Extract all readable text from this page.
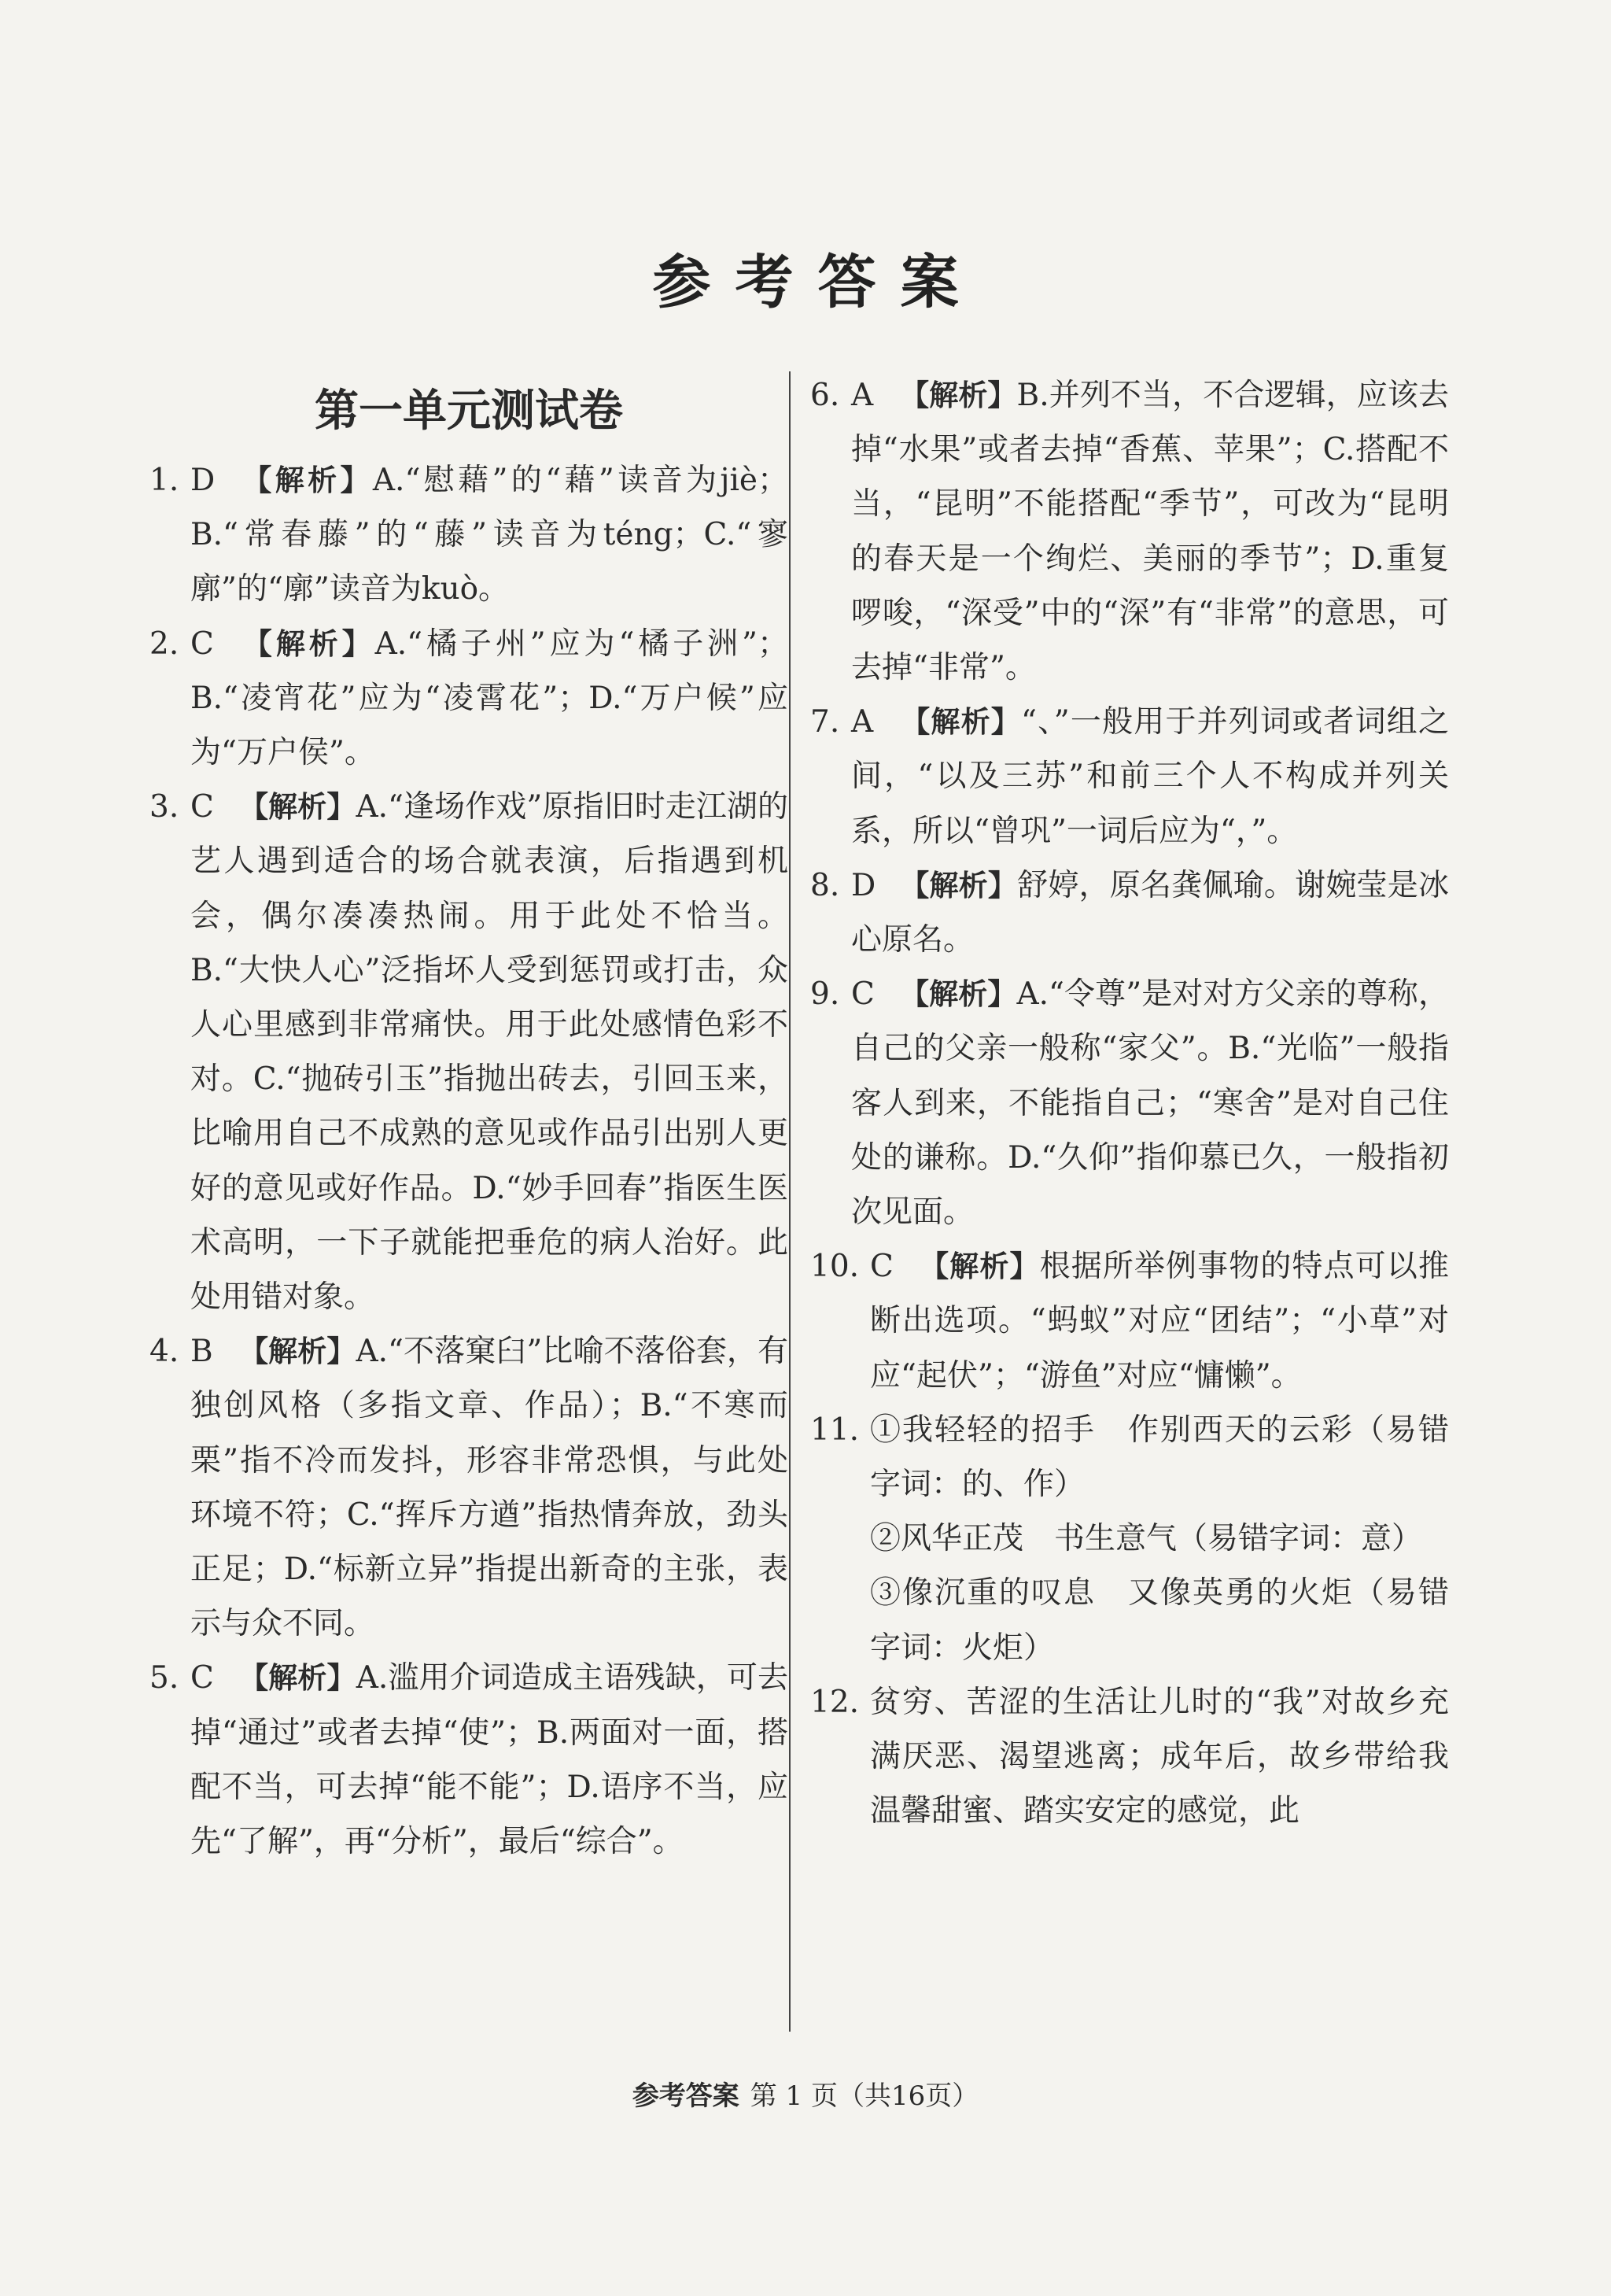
参考答案
第一单元测试卷
1. D 【解析】A.“慰藉”的“藉”读音为jiè；B.“常春藤”的“藤”读音为téng；C.“寥廓”的“廓”读音为kuò。
2. C 【解析】A.“橘子州”应为“橘子洲”；B.“凌宵花”应为“凌霄花”；D.“万户候”应为“万户侯”。
3. C 【解析】A.“逢场作戏”原指旧时走江湖的艺人遇到适合的场合就表演，后指遇到机会，偶尔凑凑热闹。用于此处不恰当。B.“大快人心”泛指坏人受到惩罚或打击，众人心里感到非常痛快。用于此处感情色彩不对。C.“抛砖引玉”指抛出砖去，引回玉来，比喻用自己不成熟的意见或作品引出别人更好的意见或好作品。D.“妙手回春”指医生医术高明，一下子就能把垂危的病人治好。此处用错对象。
4. B 【解析】A.“不落窠臼”比喻不落俗套，有独创风格（多指文章、作品）；B.“不寒而栗”指不冷而发抖，形容非常恐惧，与此处环境不符；C.“挥斥方遒”指热情奔放，劲头正足；D.“标新立异”指提出新奇的主张，表示与众不同。
5. C 【解析】A.滥用介词造成主语残缺，可去掉“通过”或者去掉“使”；B.两面对一面，搭配不当，可去掉“能不能”；D.语序不当，应先“了解”，再“分析”，最后“综合”。
6. A 【解析】B.并列不当，不合逻辑，应该去掉“水果”或者去掉“香蕉、苹果”；C.搭配不当，“昆明”不能搭配“季节”，可改为“昆明的春天是一个绚烂、美丽的季节”；D.重复啰唆，“深受”中的“深”有“非常”的意思，可去掉“非常”。
7. A 【解析】“、”一般用于并列词或者词组之间，“以及三苏”和前三个人不构成并列关系，所以“曾巩”一词后应为“，”。
8. D 【解析】舒婷，原名龚佩瑜。谢婉莹是冰心原名。
9. C 【解析】A.“令尊”是对对方父亲的尊称，自己的父亲一般称“家父”。B.“光临”一般指客人到来，不能指自己；“寒舍”是对自己住处的谦称。D.“久仰”指仰慕已久，一般指初次见面。
10. C 【解析】根据所举例事物的特点可以推断出选项。“蚂蚁”对应“团结”；“小草”对应“起伏”；“游鱼”对应“慵懒”。
11. ①我轻轻的招手　作别西天的云彩（易错字词：的、作）
②风华正茂　书生意气（易错字词：意）
③像沉重的叹息　又像英勇的火炬（易错字词：火炬）
12. 贫穷、苦涩的生活让儿时的“我”对故乡充满厌恶、渴望逃离；成年后，故乡带给我温馨甜蜜、踏实安定的感觉，此
参考答案 第 1 页（共16页）
